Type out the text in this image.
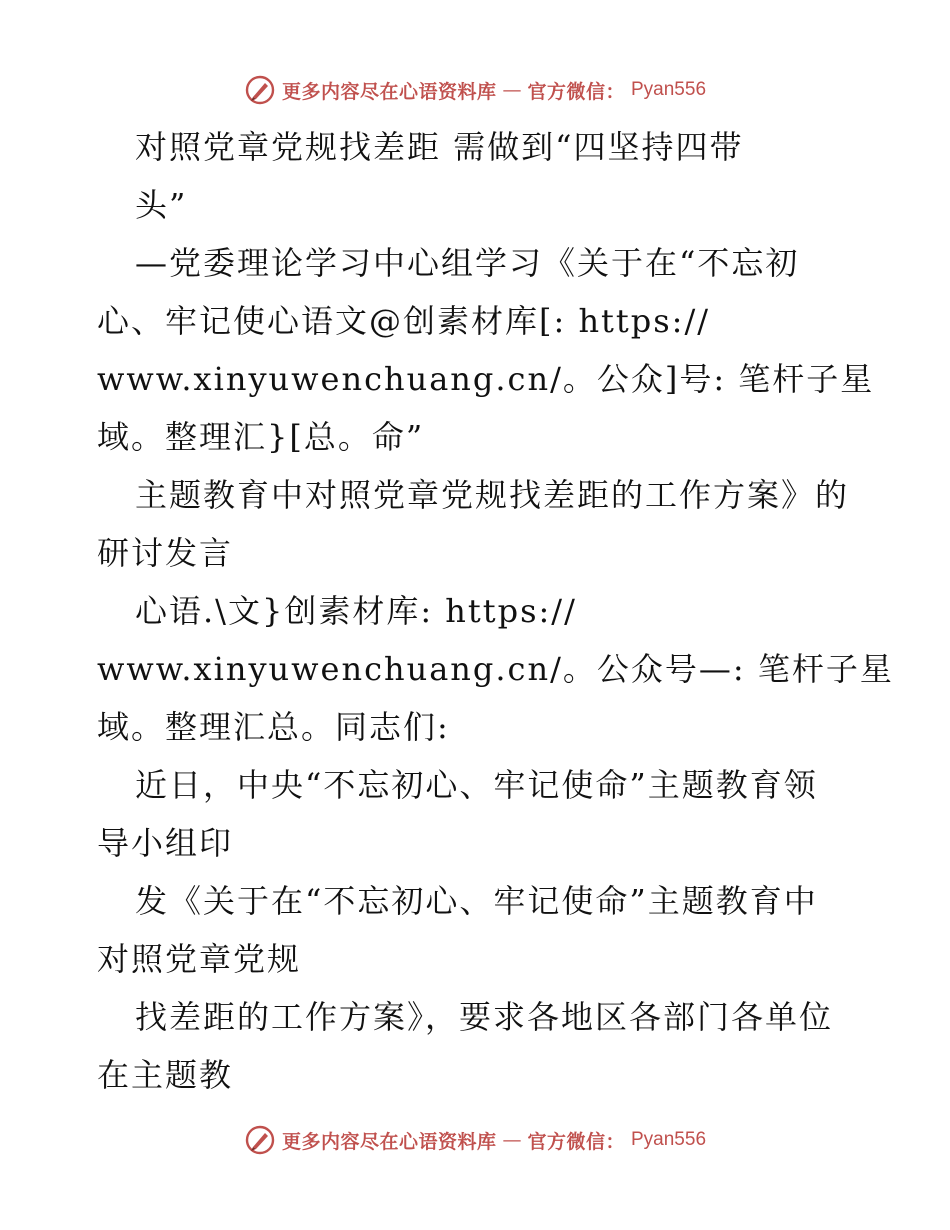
更多内容尽在心语资料库 — 官方微信： Pyan556
对照党章党规找差距 需做到“四坚持四带
头”
—党委理论学习中心组学习《关于在“不忘初
心、牢记使心语文@创素材库[: https://
www.xinyuwenchuang.cn/。公众]号: 笔杆子星
域。整理汇}[总。命”
主题教育中对照党章党规找差距的工作方案》的
研讨发言
心语.\文}创素材库: https://
www.xinyuwenchuang.cn/。公众号—: 笔杆子星
域。整理汇总。同志们:
近日，中央“不忘初心、牢记使命”主题教育领
导小组印
发《关于在“不忘初心、牢记使命”主题教育中
对照党章党规
找差距的工作方案》，要求各地区各部门各单位
在主题教
更多内容尽在心语资料库 — 官方微信： Pyan556
